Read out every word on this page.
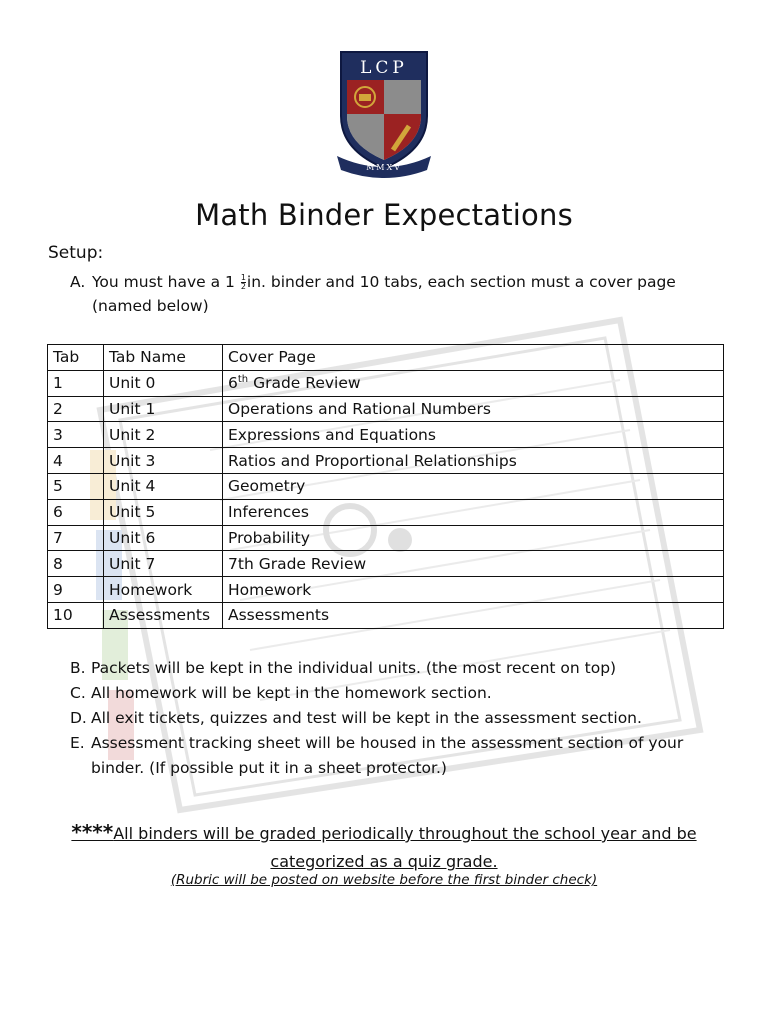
LCP
MMXV
Math Binder Expectations
Setup:
A. You must have a $1 \frac{1}{2}$ in. binder and 10 tabs, each section must a cover page (named below)
Tab	Tab Name	Cover Page
1	Unit 0	6th Grade Review
2	Unit 1	Operations and Rational Numbers
3	Unit 2	Expressions and Equations
4	Unit 3	Ratios and Proportional Relationships
5	Unit 4	Geometry
6	Unit 5	Inferences
7	Unit 6	Probability
8	Unit 7	7th Grade Review
9	Homework	Homework
10	Assessments	Assessments
B. Packets will be kept in the individual units. (the most recent on top)
C. All homework will be kept in the homework section.
D. All exit tickets, quizzes and test will be kept in the assessment section.
E. Assessment tracking sheet will be housed in the assessment section of your binder. (If possible put it in a sheet protector.)
****All binders will be graded periodically throughout the school year and be categorized as a quiz grade.
(Rubric will be posted on website before the first binder check)
